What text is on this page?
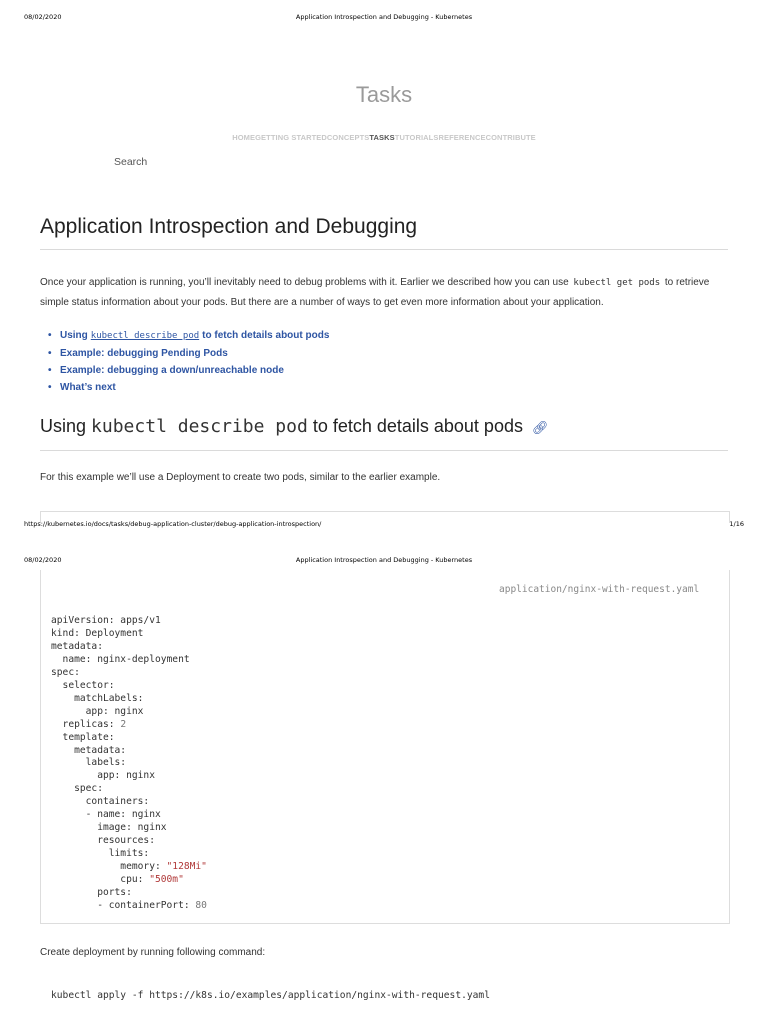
08/02/2020	Application Introspection and Debugging - Kubernetes
Tasks
HOMEGETTING STARTEDCONCEPTSTASKSTUTORIALSREFERENCECONTRIBUTE
Search
Application Introspection and Debugging

Once your application is running, you’ll inevitably need to debug problems with it. Earlier we described how you can use kubectl get pods to retrieve simple status information about your pods. But there are a number of ways to get even more information about your application.

• Using kubectl describe pod to fetch details about pods
• Example: debugging Pending Pods
• Example: debugging a down/unreachable node
• What’s next
Using kubectl describe pod to fetch details about pods 🔗︎

For this example we’ll use a Deployment to create two pods, similar to the earlier example.

https://kubernetes.io/docs/tasks/debug-application-cluster/debug-application-introspection/	1/16
08/02/2020	Application Introspection and Debugging - Kubernetes
application/nginx-with-request.yaml
apiVersion: apps/v1
kind: Deployment
metadata:
name: nginx-deployment
spec:
selector:
matchLabels:
app: nginx
replicas: 2
template:
metadata:
labels:
app: nginx
spec:
containers:
- name: nginx
image: nginx
resources:
limits:
memory: "128Mi"
cpu: "500m"
ports:
- containerPort: 80

Create deployment by running following command:

kubectl apply -f https://k8s.io/examples/application/nginx-with-request.yaml
